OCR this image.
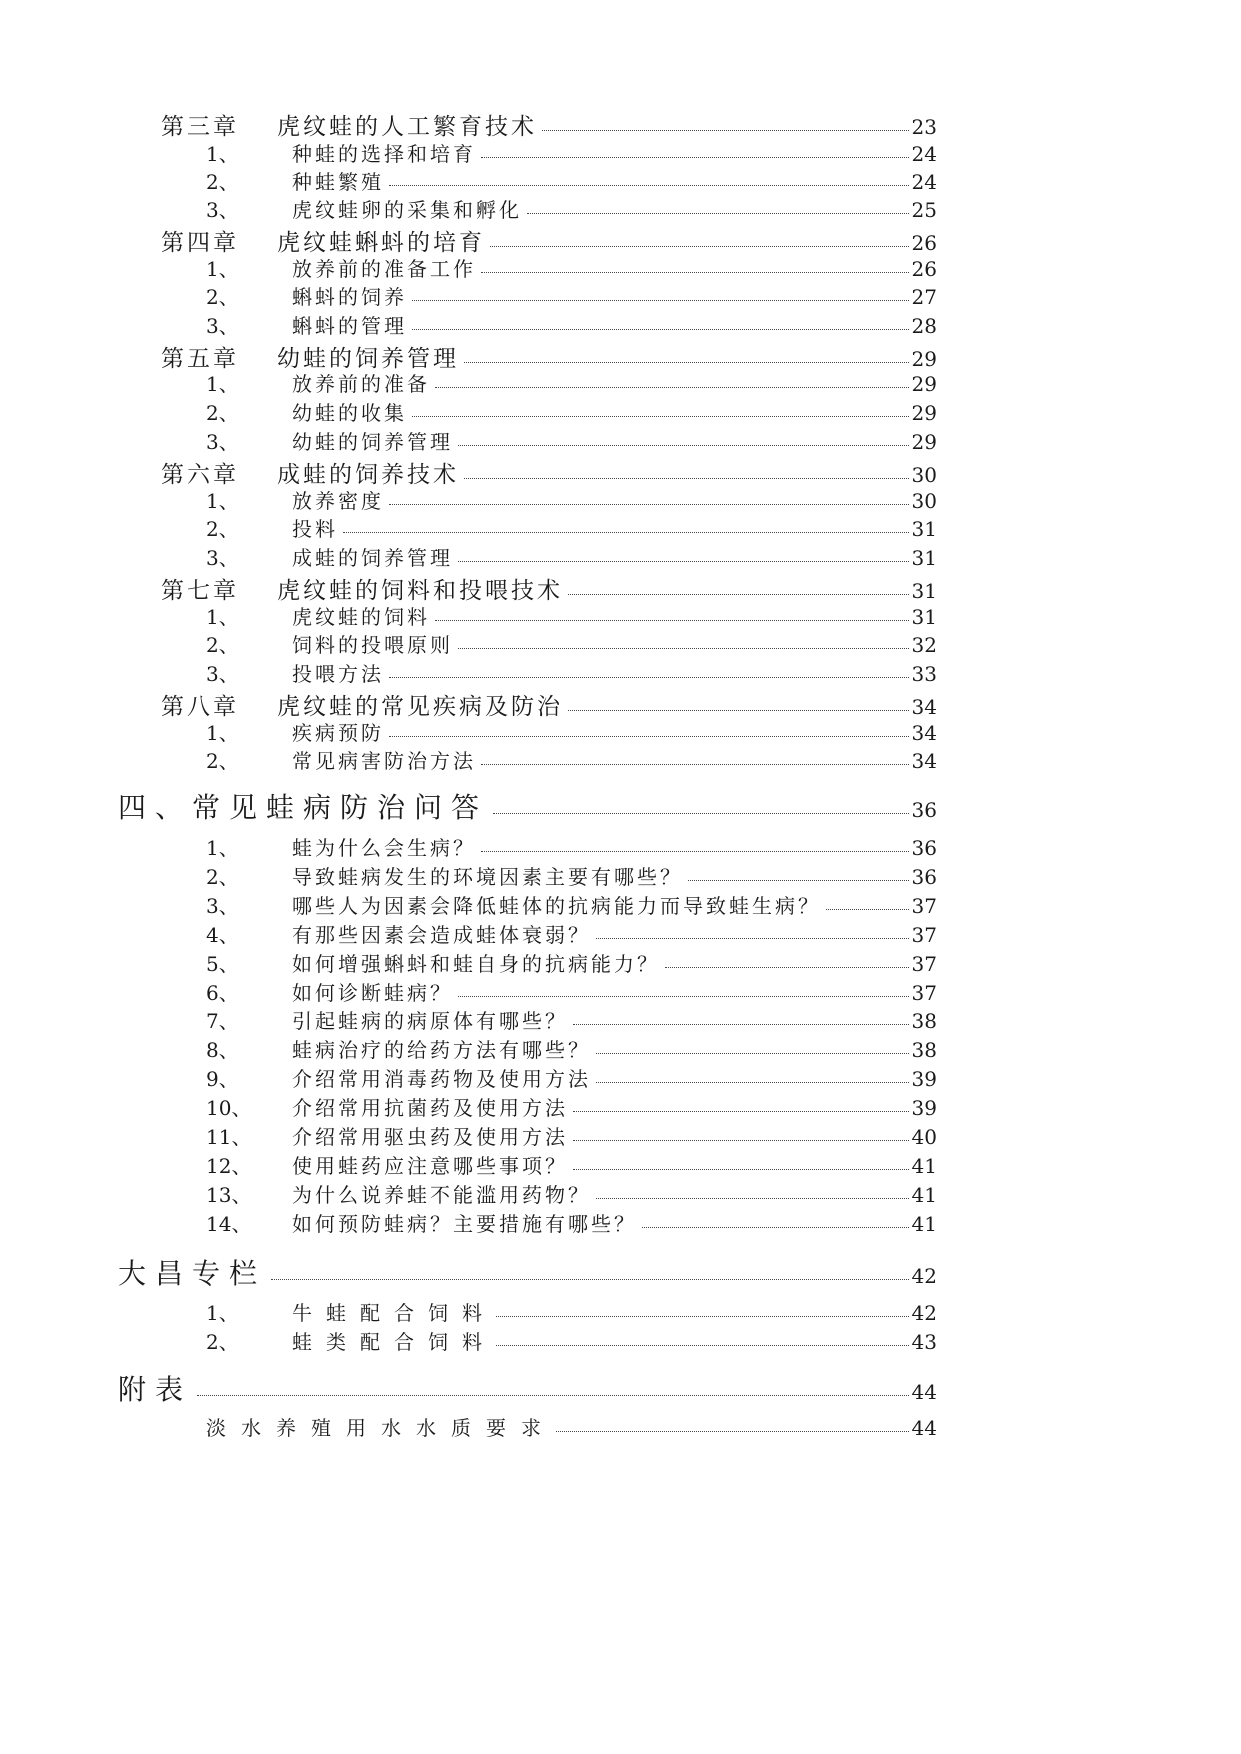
第三章	虎纹蛙的人工繁育技术	23
1、	种蛙的选择和培育	24
2、	种蛙繁殖	24
3、	虎纹蛙卵的采集和孵化	25
第四章	虎纹蛙蝌蚪的培育	26
1、	放养前的准备工作	26
2、	蝌蚪的饲养	27
3、	蝌蚪的管理	28
第五章	幼蛙的饲养管理	29
1、	放养前的准备	29
2、	幼蛙的收集	29
3、	幼蛙的饲养管理	29
第六章	成蛙的饲养技术	30
1、	放养密度	30
2、	投料	31
3、	成蛙的饲养管理	31
第七章	虎纹蛙的饲料和投喂技术	31
1、	虎纹蛙的饲料	31
2、	饲料的投喂原则	32
3、	投喂方法	33
第八章	虎纹蛙的常见疾病及防治	34
1、	疾病预防	34
2、	常见病害防治方法	34
四、常见蛙病防治问答	36
1、	蛙为什么会生病？	36
2、	导致蛙病发生的环境因素主要有哪些？	36
3、	哪些人为因素会降低蛙体的抗病能力而导致蛙生病？	37
4、	有那些因素会造成蛙体衰弱？	37
5、	如何增强蝌蚪和蛙自身的抗病能力？	37
6、	如何诊断蛙病？	37
7、	引起蛙病的病原体有哪些？	38
8、	蛙病治疗的给药方法有哪些？	38
9、	介绍常用消毒药物及使用方法	39
10、	介绍常用抗菌药及使用方法	39
11、	介绍常用驱虫药及使用方法	40
12、	使用蛙药应注意哪些事项？	41
13、	为什么说养蛙不能滥用药物？	41
14、	如何预防蛙病？主要措施有哪些？	41
大昌专栏	42
1、	牛蛙配合饲料	42
2、	蛙类配合饲料	43
附表	44
淡水养殖用水水质要求	44
